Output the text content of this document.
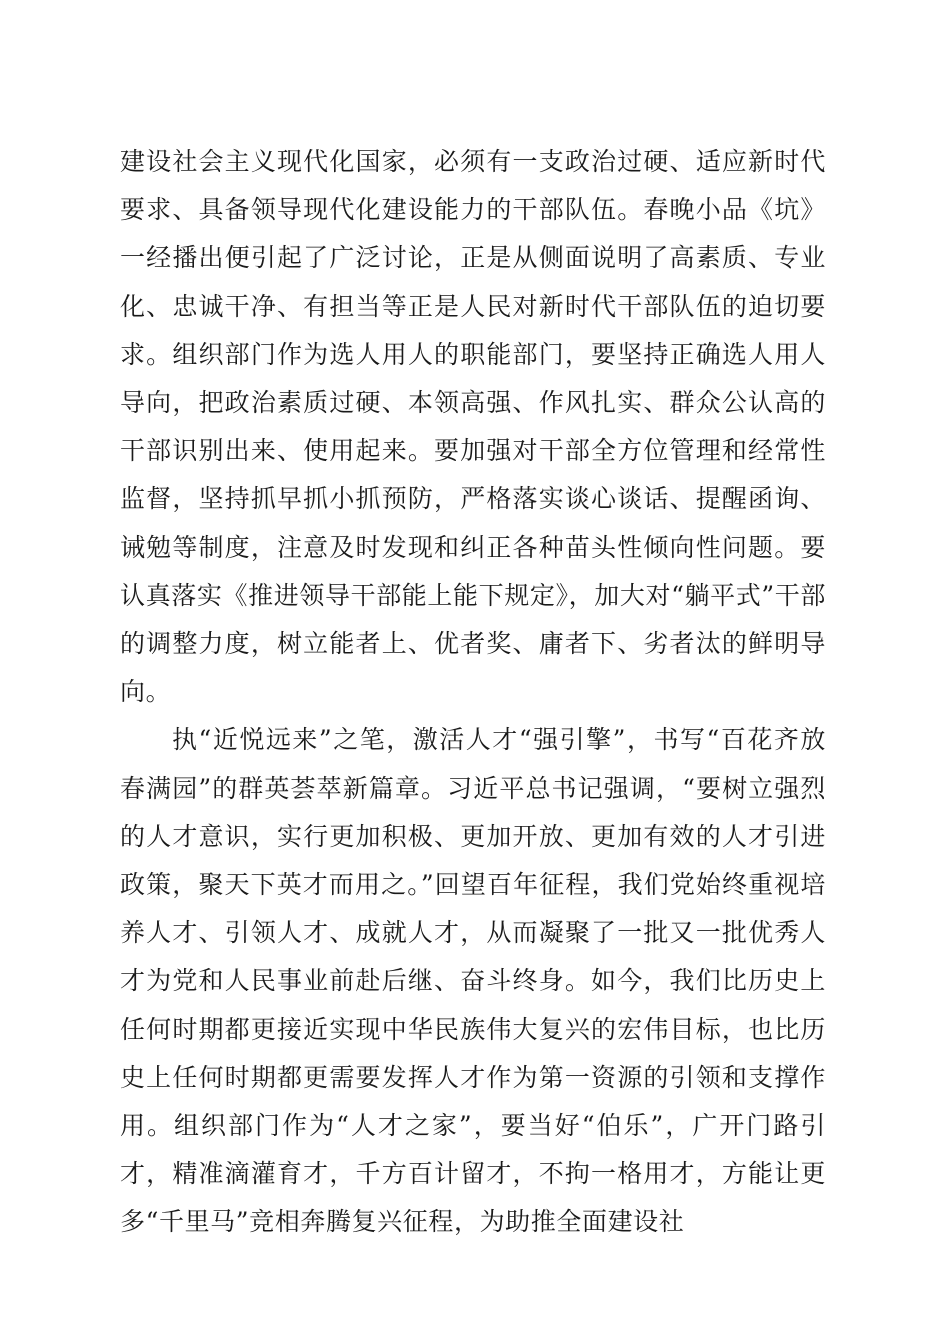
建设社会主义现代化国家，必须有一支政治过硬、适应新时代要求、具备领导现代化建设能力的干部队伍。春晚小品《坑》一经播出便引起了广泛讨论，正是从侧面说明了高素质、专业化、忠诚干净、有担当等正是人民对新时代干部队伍的迫切要求。组织部门作为选人用人的职能部门，要坚持正确选人用人导向，把政治素质过硬、本领高强、作风扎实、群众公认高的干部识别出来、使用起来。要加强对干部全方位管理和经常性监督，坚持抓早抓小抓预防，严格落实谈心谈话、提醒函询、诫勉等制度，注意及时发现和纠正各种苗头性倾向性问题。要认真落实《推进领导干部能上能下规定》，加大对“躺平式”干部的调整力度，树立能者上、优者奖、庸者下、劣者汰的鲜明导向。

执“近悦远来”之笔，激活人才“强引擎”，书写“百花齐放春满园”的群英荟萃新篇章。习近平总书记强调，“要树立强烈的人才意识，实行更加积极、更加开放、更加有效的人才引进政策，聚天下英才而用之。”回望百年征程，我们党始终重视培养人才、引领人才、成就人才，从而凝聚了一批又一批优秀人才为党和人民事业前赴后继、奋斗终身。如今，我们比历史上任何时期都更接近实现中华民族伟大复兴的宏伟目标，也比历史上任何时期都更需要发挥人才作为第一资源的引领和支撑作用。组织部门作为“人才之家”，要当好“伯乐”，广开门路引才，精准滴灌育才，千方百计留才，不拘一格用才，方能让更多“千里马”竞相奔腾复兴征程，为助推全面建设社
